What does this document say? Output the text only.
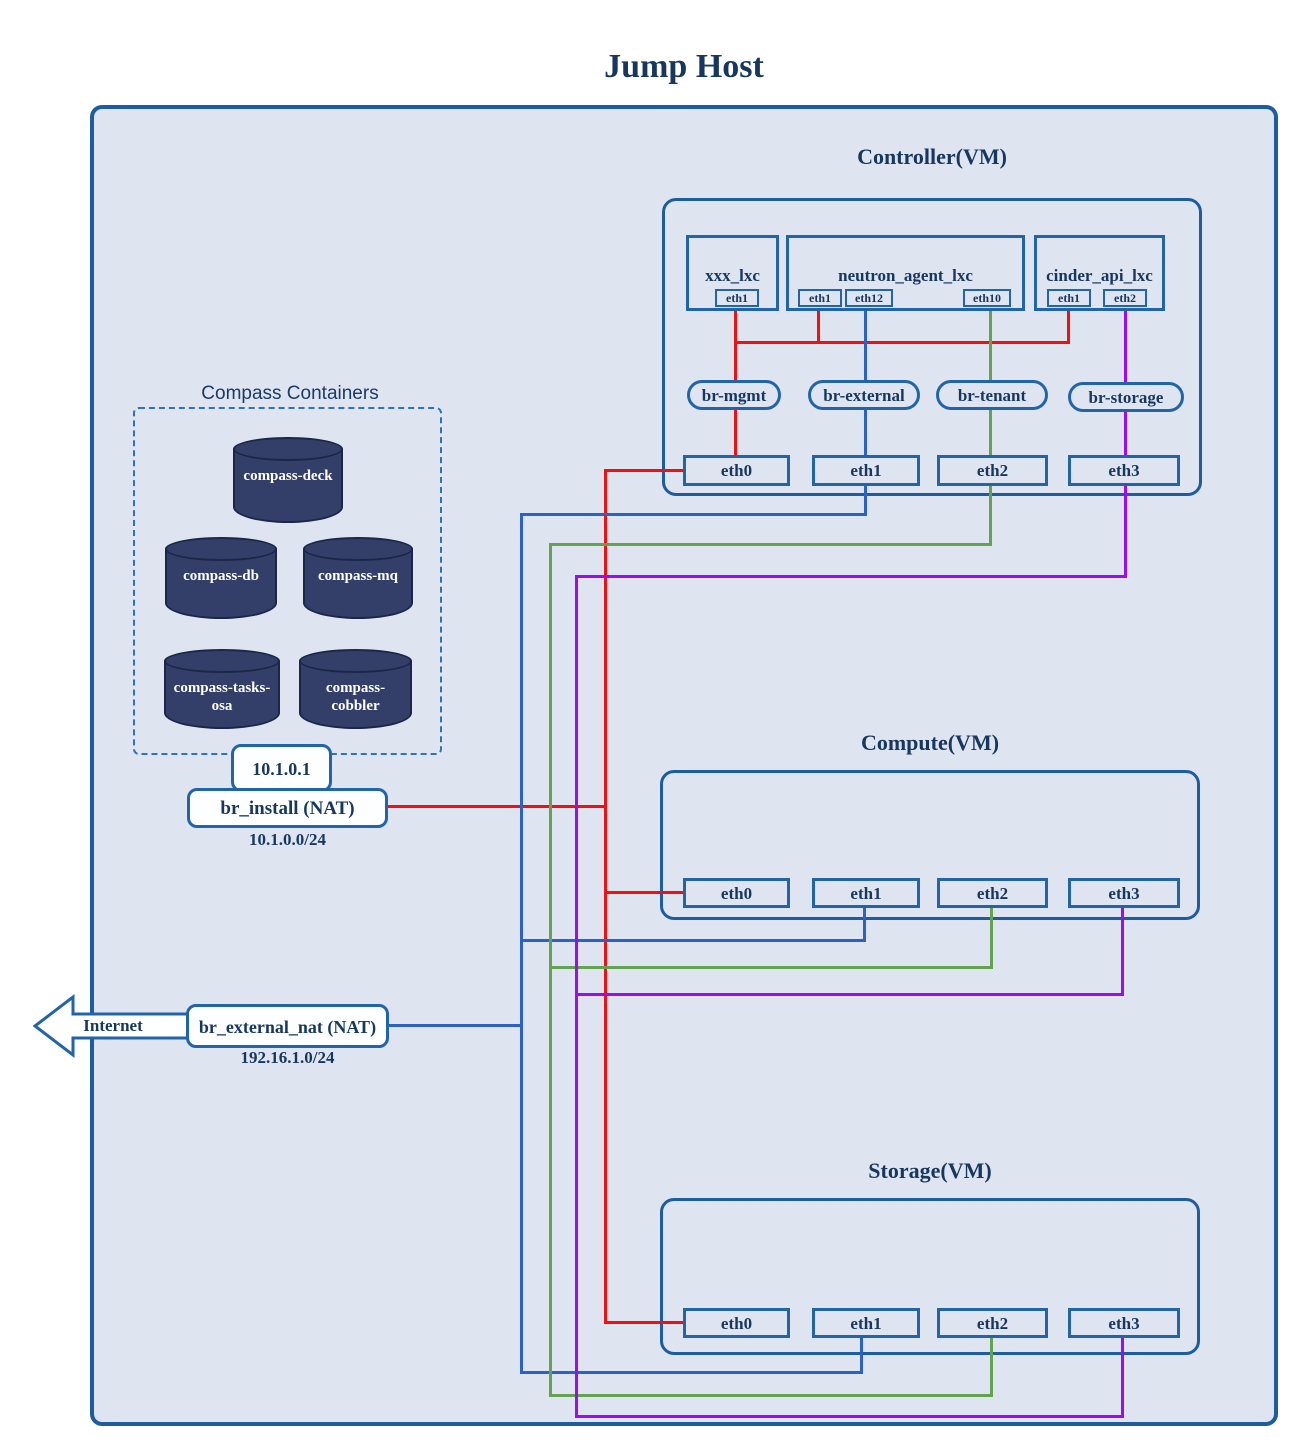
Jump Host
Controller(VM)
xxx_lxc
eth1
neutron_agent_lxc
eth1	eth12	eth10
cinder_api_lxc
eth1	eth2
br-mgmt	br-external	br-tenant	br-storage
eth0	eth1	eth2	eth3
Compass Containers
compass-deck
compass-db	compass-mq
compass-tasks-osa
compass-cobbler
10.1.0.1
br_install (NAT)
10.1.0.0/24
Compute(VM)
eth0	eth1	eth2	eth3
Internet	br_external_nat (NAT)
192.16.1.0/24
Storage(VM)
eth0	eth1	eth2	eth3
